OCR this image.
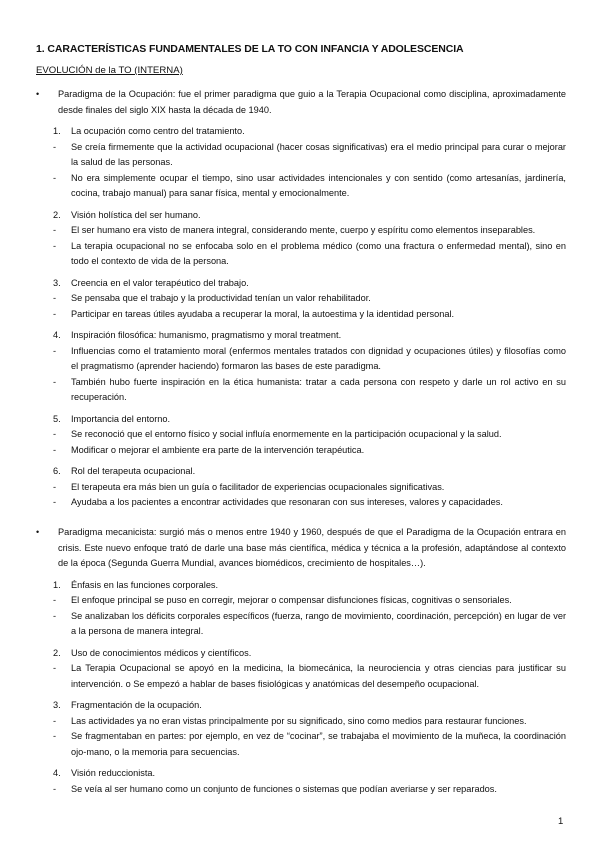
1. CARACTERÍSTICAS FUNDAMENTALES DE LA TO CON INFANCIA Y ADOLESCENCIA
EVOLUCIÓN de la TO (INTERNA)
• Paradigma de la Ocupación: fue el primer paradigma que guio a la Terapia Ocupacional como disciplina, aproximadamente desde finales del siglo XIX hasta la década de 1940.
1. La ocupación como centro del tratamiento.
- Se creía firmemente que la actividad ocupacional (hacer cosas significativas) era el medio principal para curar o mejorar la salud de las personas.
- No era simplemente ocupar el tiempo, sino usar actividades intencionales y con sentido (como artesanías, jardinería, cocina, trabajo manual) para sanar física, mental y emocionalmente.
2. Visión holística del ser humano.
- El ser humano era visto de manera integral, considerando mente, cuerpo y espíritu como elementos inseparables.
- La terapia ocupacional no se enfocaba solo en el problema médico (como una fractura o enfermedad mental), sino en todo el contexto de vida de la persona.
3. Creencia en el valor terapéutico del trabajo.
- Se pensaba que el trabajo y la productividad tenían un valor rehabilitador.
- Participar en tareas útiles ayudaba a recuperar la moral, la autoestima y la identidad personal.
4. Inspiración filosófica: humanismo, pragmatismo y moral treatment.
- Influencias como el tratamiento moral (enfermos mentales tratados con dignidad y ocupaciones útiles) y filosofías como el pragmatismo (aprender haciendo) formaron las bases de este paradigma.
- También hubo fuerte inspiración en la ética humanista: tratar a cada persona con respeto y darle un rol activo en su recuperación.
5. Importancia del entorno.
- Se reconoció que el entorno físico y social influía enormemente en la participación ocupacional y la salud.
- Modificar o mejorar el ambiente era parte de la intervención terapéutica.
6. Rol del terapeuta ocupacional.
- El terapeuta era más bien un guía o facilitador de experiencias ocupacionales significativas.
- Ayudaba a los pacientes a encontrar actividades que resonaran con sus intereses, valores y capacidades.
• Paradigma mecanicista: surgió más o menos entre 1940 y 1960, después de que el Paradigma de la Ocupación entrara en crisis. Este nuevo enfoque trató de darle una base más científica, médica y técnica a la profesión, adaptándose al contexto de la época (Segunda Guerra Mundial, avances biomédicos, crecimiento de hospitales…).
1. Énfasis en las funciones corporales.
- El enfoque principal se puso en corregir, mejorar o compensar disfunciones físicas, cognitivas o sensoriales.
- Se analizaban los déficits corporales específicos (fuerza, rango de movimiento, coordinación, percepción) en lugar de ver a la persona de manera integral.
2. Uso de conocimientos médicos y científicos.
- La Terapia Ocupacional se apoyó en la medicina, la biomecánica, la neurociencia y otras ciencias para justificar su intervención. o Se empezó a hablar de bases fisiológicas y anatómicas del desempeño ocupacional.
3. Fragmentación de la ocupación.
- Las actividades ya no eran vistas principalmente por su significado, sino como medios para restaurar funciones.
- Se fragmentaban en partes: por ejemplo, en vez de “cocinar”, se trabajaba el movimiento de la muñeca, la coordinación ojo-mano, o la memoria para secuencias.
4. Visión reduccionista.
- Se veía al ser humano como un conjunto de funciones o sistemas que podían averiarse y ser reparados.
1
